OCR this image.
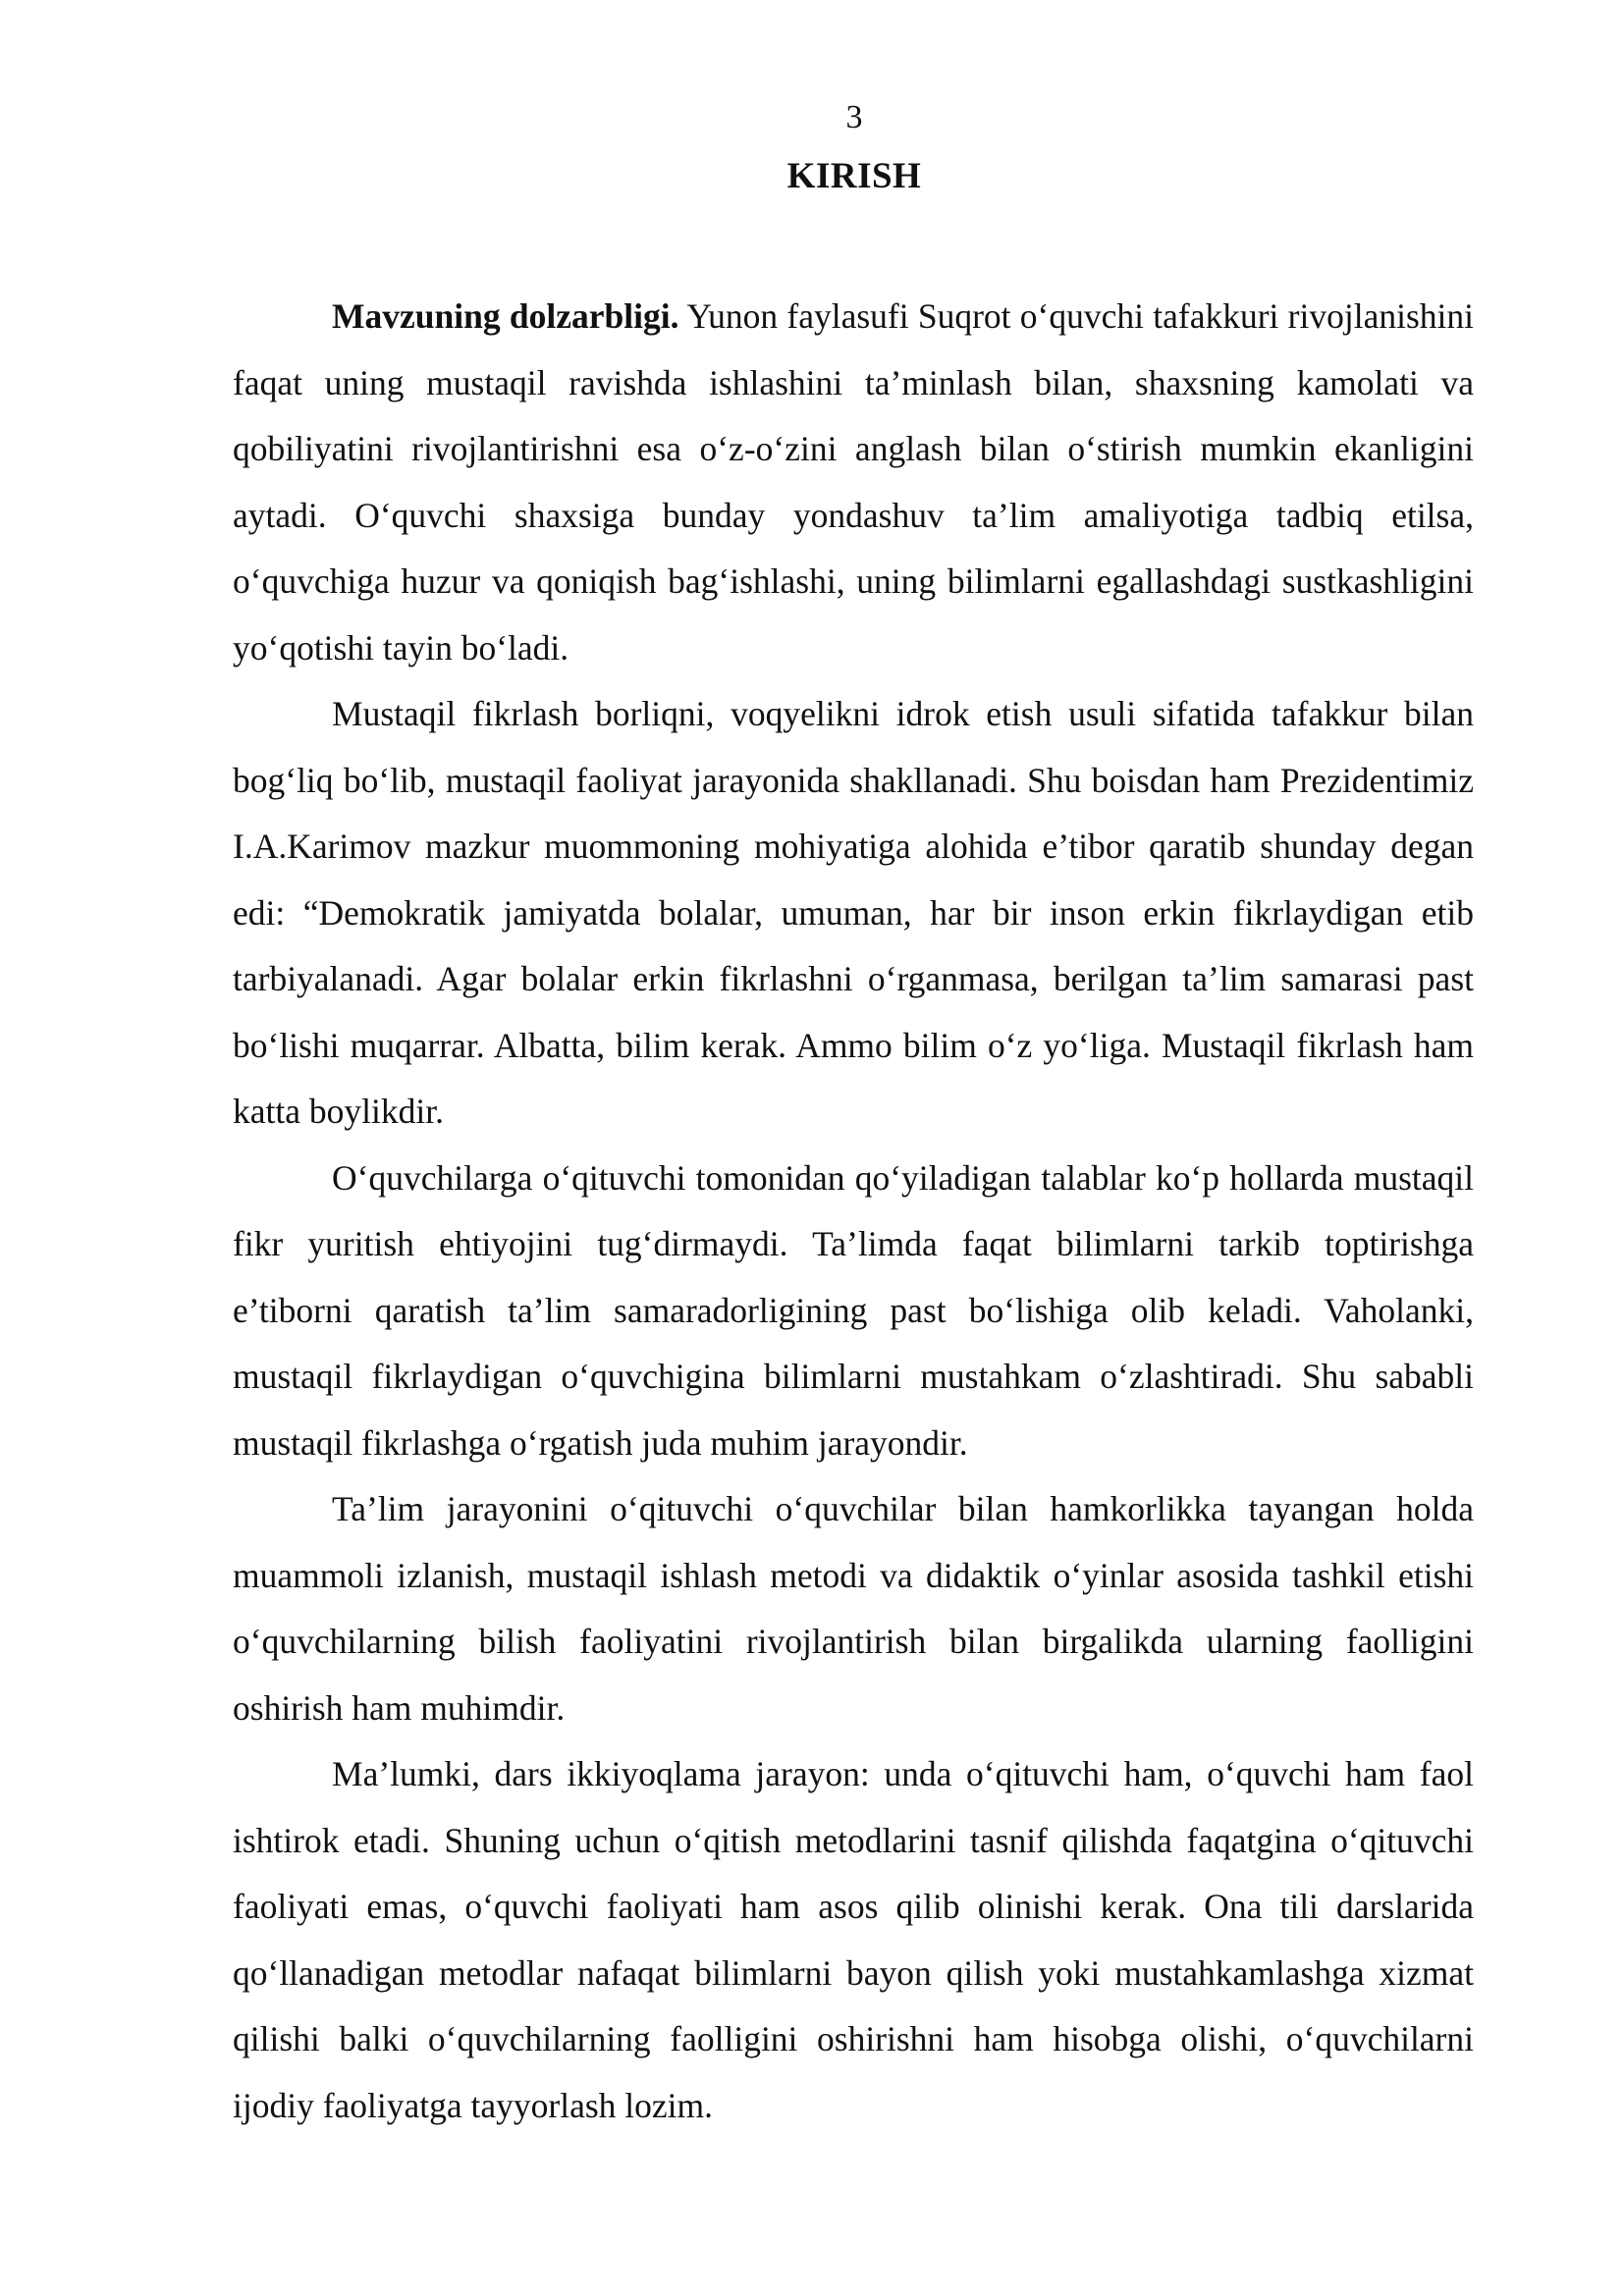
3
KIRISH

Mavzuning dolzarbligi. Yunon faylasufi Suqrot o‘quvchi tafakkuri rivojlanishini faqat uning mustaqil ravishda ishlashini ta’minlash bilan, shaxsning kamolati va qobiliyatini rivojlantirishni esa o‘z-o‘zini anglash bilan o‘stirish mumkin ekanligini aytadi. O‘quvchi shaxsiga bunday yondashuv ta’lim amaliyotiga tadbiq etilsa, o‘quvchiga huzur va qoniqish bag‘ishlashi, uning bilimlarni egallashdagi sustkashligini yo‘qotishi tayin bo‘ladi.

Mustaqil fikrlash borliqni, voqyelikni idrok etish usuli sifatida tafakkur bilan bog‘liq bo‘lib, mustaqil faoliyat jarayonida shakllanadi. Shu boisdan ham Prezidentimiz I.A.Karimov mazkur muommoning mohiyatiga alohida e’tibor qaratib shunday degan edi: “Demokratik jamiyatda bolalar, umuman, har bir inson erkin fikrlaydigan etib tarbiyalanadi. Agar bolalar erkin fikrlashni o‘rganmasa, berilgan ta’lim samarasi past bo‘lishi muqarrar. Albatta, bilim kerak. Ammo bilim o‘z yo‘liga. Mustaqil fikrlash ham katta boylikdir.

O‘quvchilarga o‘qituvchi tomonidan qo‘yiladigan talablar ko‘p hollarda mustaqil fikr yuritish ehtiyojini tug‘dirmaydi. Ta’limda faqat bilimlarni tarkib toptirishga e’tiborni qaratish ta’lim samaradorligining past bo‘lishiga olib keladi. Vaholanki, mustaqil fikrlaydigan o‘quvchigina bilimlarni mustahkam o‘zlashtiradi. Shu sababli mustaqil fikrlashga o‘rgatish juda muhim jarayondir.

Ta’lim jarayonini o‘qituvchi o‘quvchilar bilan hamkorlikka tayangan holda muammoli izlanish, mustaqil ishlash metodi va didaktik o‘yinlar asosida tashkil etishi o‘quvchilarning bilish faoliyatini rivojlantirish bilan birgalikda ularning faolligini oshirish ham muhimdir.

Ma’lumki, dars ikkiyoqlama jarayon: unda o‘qituvchi ham, o‘quvchi ham faol ishtirok etadi. Shuning uchun o‘qitish metodlarini tasnif qilishda faqatgina o‘qituvchi faoliyati emas, o‘quvchi faoliyati ham asos qilib olinishi kerak. Ona tili darslarida qo‘llanadigan metodlar nafaqat bilimlarni bayon qilish yoki mustahkamlashga xizmat qilishi balki o‘quvchilarning faolligini oshirishni ham hisobga olishi, o‘quvchilarni ijodiy faoliyatga tayyorlash lozim.
